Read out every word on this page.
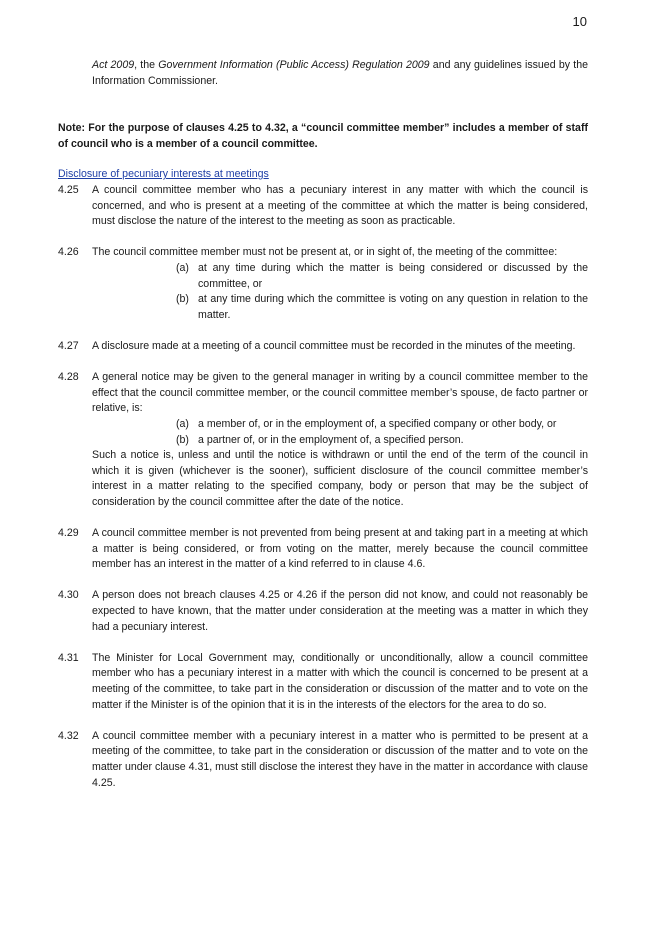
10
Act 2009, the Government Information (Public Access) Regulation 2009 and any guidelines issued by the Information Commissioner.
Note: For the purpose of clauses 4.25 to 4.32, a “council committee member” includes a member of staff of council who is a member of a council committee.
Disclosure of pecuniary interests at meetings
4.25 A council committee member who has a pecuniary interest in any matter with which the council is concerned, and who is present at a meeting of the committee at which the matter is being considered, must disclose the nature of the interest to the meeting as soon as practicable.
4.26 The council committee member must not be present at, or in sight of, the meeting of the committee:
(a) at any time during which the matter is being considered or discussed by the committee, or
(b) at any time during which the committee is voting on any question in relation to the matter.
4.27 A disclosure made at a meeting of a council committee must be recorded in the minutes of the meeting.
4.28 A general notice may be given to the general manager in writing by a council committee member to the effect that the council committee member, or the council committee member’s spouse, de facto partner or relative, is:
(a) a member of, or in the employment of, a specified company or other body, or
(b) a partner of, or in the employment of, a specified person.
Such a notice is, unless and until the notice is withdrawn or until the end of the term of the council in which it is given (whichever is the sooner), sufficient disclosure of the council committee member’s interest in a matter relating to the specified company, body or person that may be the subject of consideration by the council committee after the date of the notice.
4.29 A council committee member is not prevented from being present at and taking part in a meeting at which a matter is being considered, or from voting on the matter, merely because the council committee member has an interest in the matter of a kind referred to in clause 4.6.
4.30 A person does not breach clauses 4.25 or 4.26 if the person did not know, and could not reasonably be expected to have known, that the matter under consideration at the meeting was a matter in which they had a pecuniary interest.
4.31 The Minister for Local Government may, conditionally or unconditionally, allow a council committee member who has a pecuniary interest in a matter with which the council is concerned to be present at a meeting of the committee, to take part in the consideration or discussion of the matter and to vote on the matter if the Minister is of the opinion that it is in the interests of the electors for the area to do so.
4.32 A council committee member with a pecuniary interest in a matter who is permitted to be present at a meeting of the committee, to take part in the consideration or discussion of the matter and to vote on the matter under clause 4.31, must still disclose the interest they have in the matter in accordance with clause 4.25.
